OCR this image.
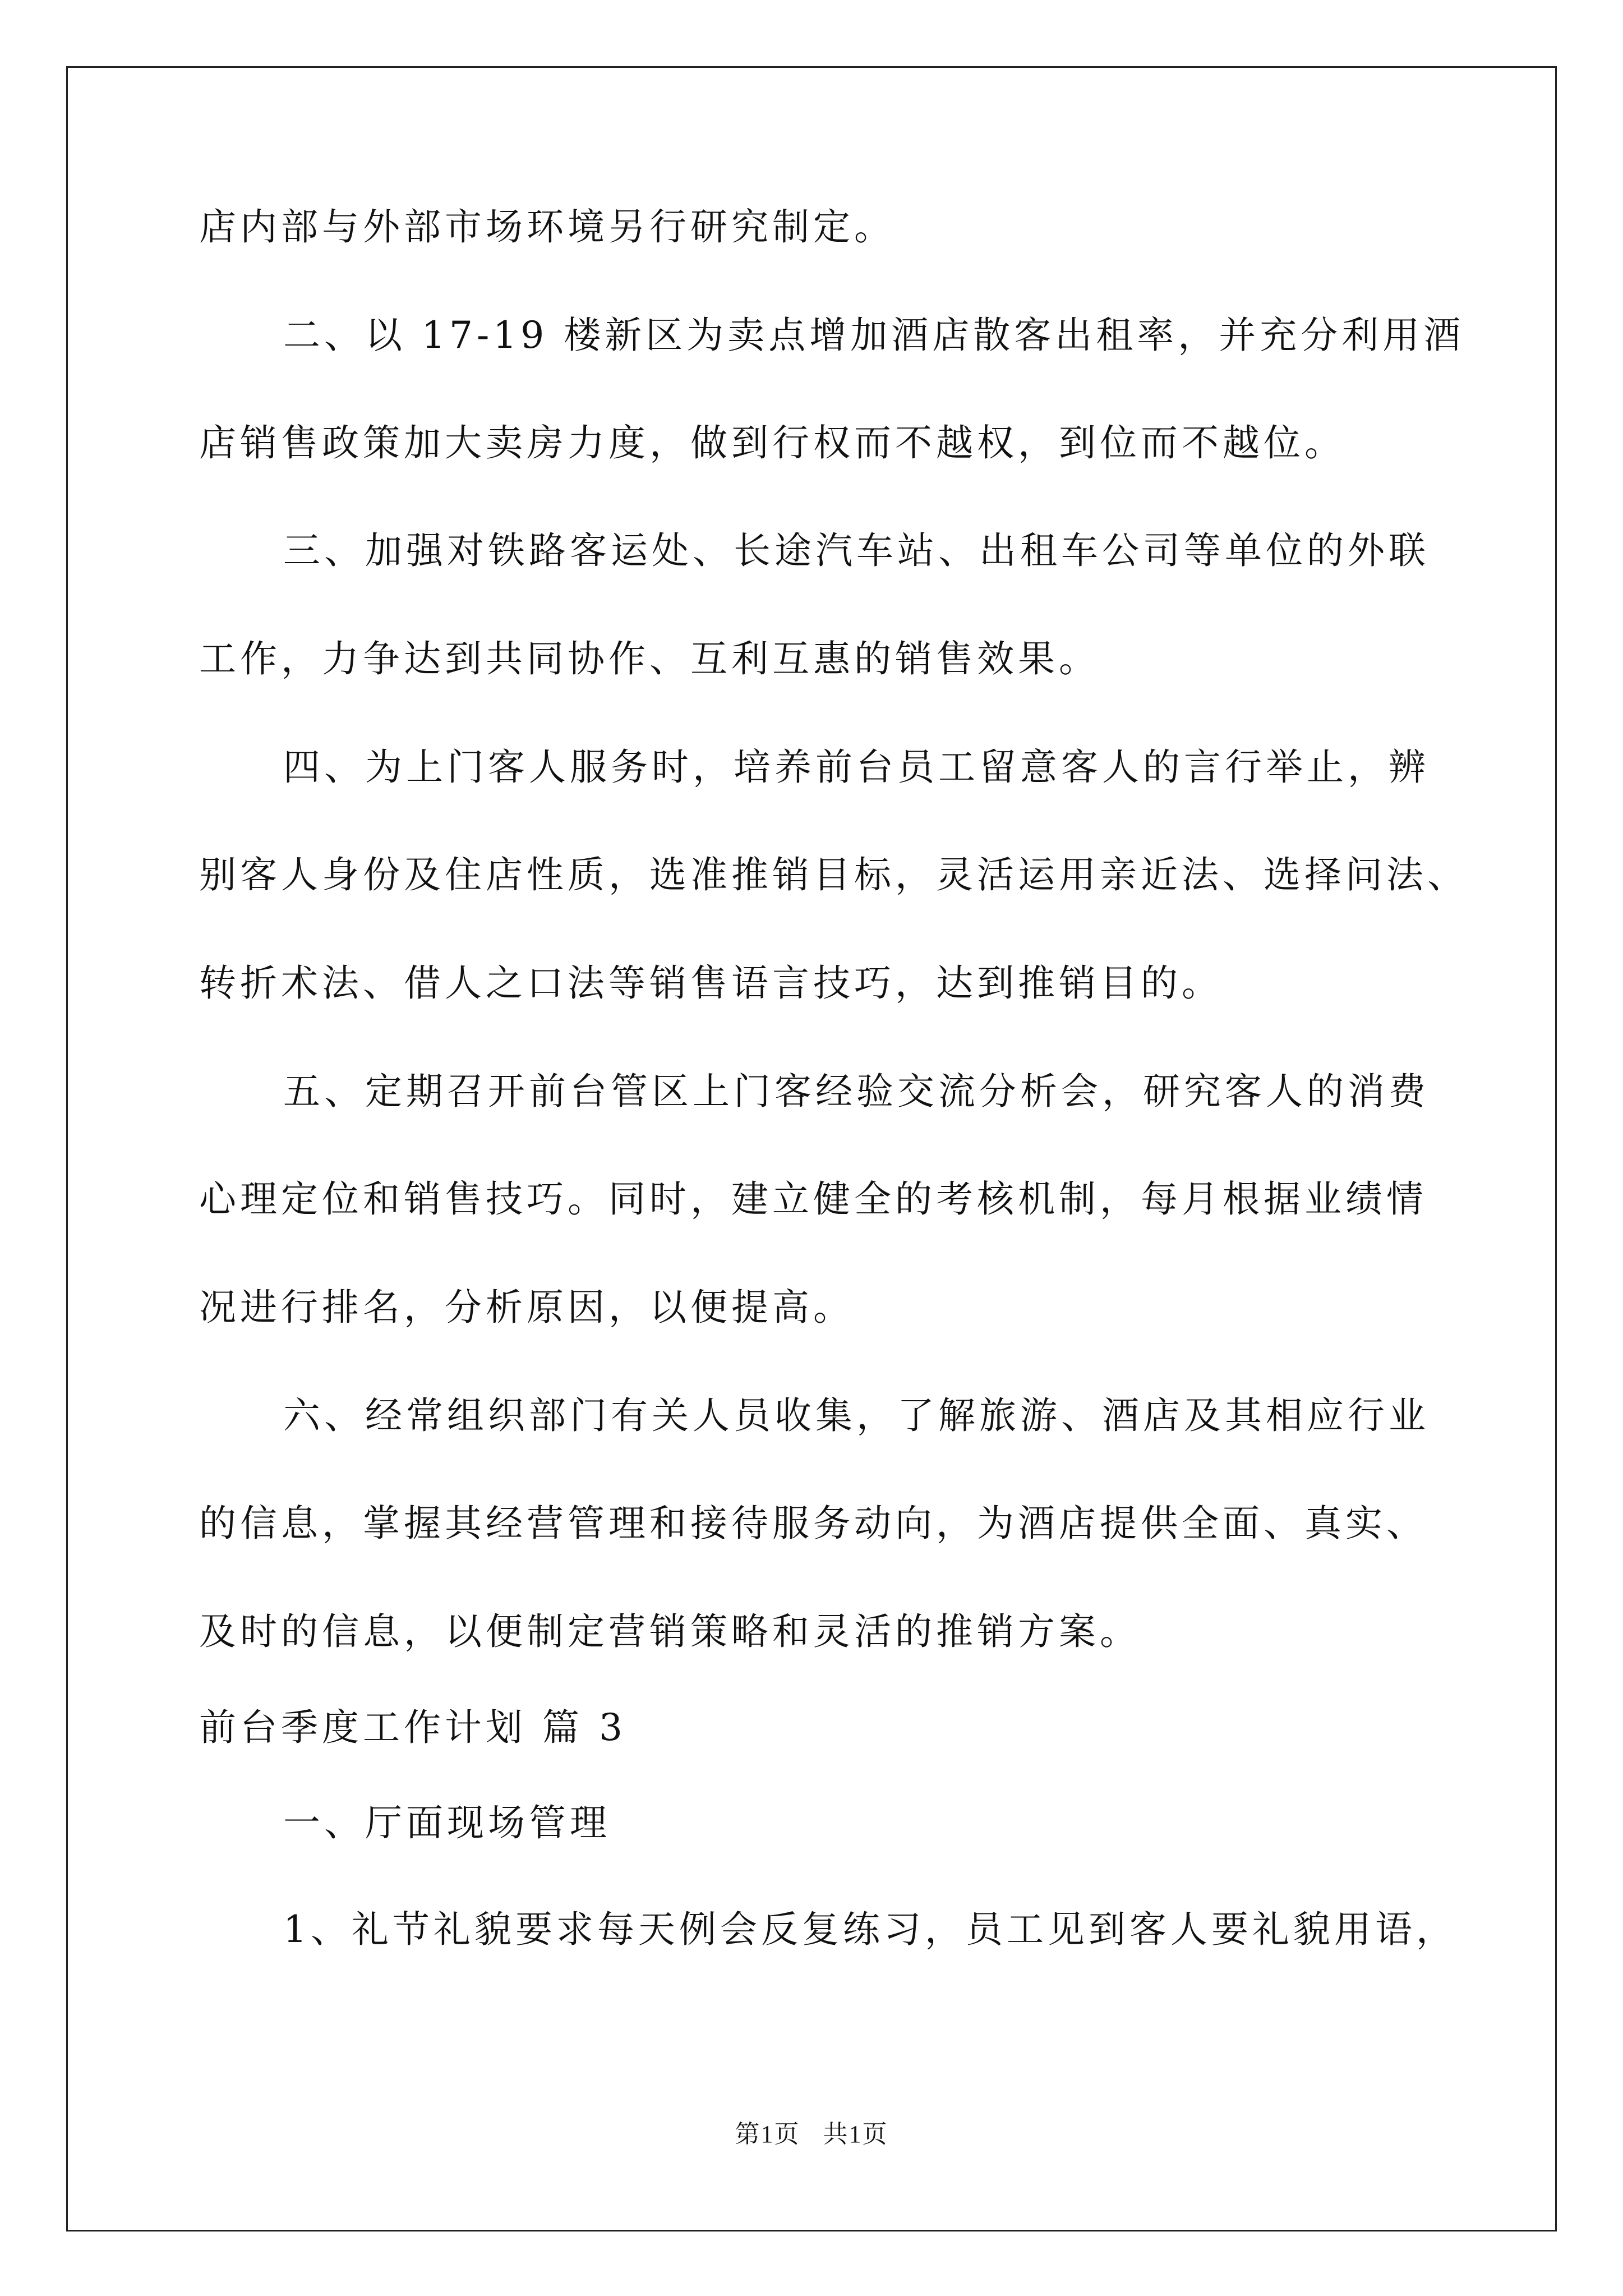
店内部与外部市场环境另行研究制定。
二、以 17-19 楼新区为卖点增加酒店散客出租率，并充分利用酒
店销售政策加大卖房力度，做到行权而不越权，到位而不越位。
三、加强对铁路客运处、长途汽车站、出租车公司等单位的外联
工作，力争达到共同协作、互利互惠的销售效果。
四、为上门客人服务时，培养前台员工留意客人的言行举止，辨
别客人身份及住店性质，选准推销目标，灵活运用亲近法、选择问法、
转折术法、借人之口法等销售语言技巧，达到推销目的。
五、定期召开前台管区上门客经验交流分析会，研究客人的消费
心理定位和销售技巧。同时，建立健全的考核机制，每月根据业绩情
况进行排名，分析原因，以便提高。
六、经常组织部门有关人员收集，了解旅游、酒店及其相应行业
的信息，掌握其经营管理和接待服务动向，为酒店提供全面、真实、
及时的信息，以便制定营销策略和灵活的推销方案。
前台季度工作计划 篇 3
一、厅面现场管理
1、礼节礼貌要求每天例会反复练习，员工见到客人要礼貌用语，
第1页 共1页
